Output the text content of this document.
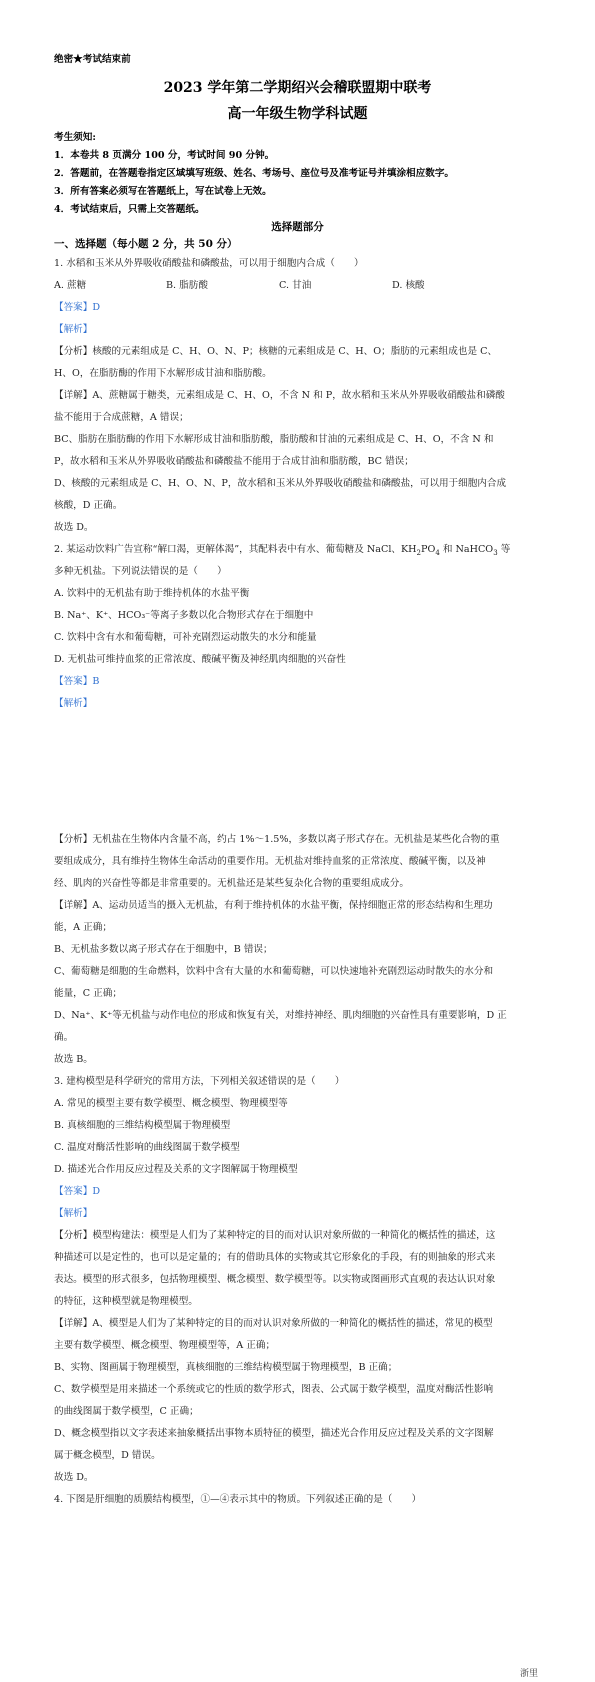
绝密★考试结束前
2023 学年第二学期绍兴会稽联盟期中联考
高一年级生物学科试题
考生须知:
1．本卷共 8 页满分 100 分，考试时间 90 分钟。
2．答题前，在答题卷指定区域填写班级、姓名、考场号、座位号及准考证号并填涂相应数字。
3．所有答案必须写在答题纸上，写在试卷上无效。
4．考试结束后，只需上交答题纸。
选择题部分
一、选择题（每小题 2 分，共 50 分）
1. 水稻和玉米从外界吸收硝酸盐和磷酸盐，可以用于细胞内合成（　　）
A. 蔗糖	B. 脂肪酸	C. 甘油	D. 核酸
【答案】D
【解析】
【分析】核酸的元素组成是 C、H、O、N、P；核糖的元素组成是 C、H、O；脂肪的元素组成也是 C、
H、O，在脂肪酶的作用下水解形成甘油和脂肪酸。
【详解】A、蔗糖属于糖类，元素组成是 C、H、O，不含 N 和 P，故水稻和玉米从外界吸收硝酸盐和磷酸
盐不能用于合成蔗糖，A 错误；
BC、脂肪在脂肪酶的作用下水解形成甘油和脂肪酸，脂肪酸和甘油的元素组成是 C、H、O，不含 N 和
P，故水稻和玉米从外界吸收硝酸盐和磷酸盐不能用于合成甘油和脂肪酸，BC 错误；
D、核酸的元素组成是 C、H、O、N、P，故水稻和玉米从外界吸收硝酸盐和磷酸盐，可以用于细胞内合成
核酸，D 正确。
故选 D。
2. 某运动饮料广告宣称“解口渴，更解体渴”，其配料表中有水、葡萄糖及 NaCl、$KH_2PO_4$ 和 NaHCO$_3$ 等
多种无机盐。下列说法错误的是（　　）
A. 饮料中的无机盐有助于维持机体的水盐平衡
B. Na⁺、K⁺、HCO₃⁻等离子多数以化合物形式存在于细胞中
C. 饮料中含有水和葡萄糖，可补充剧烈运动散失的水分和能量
D. 无机盐可维持血浆的正常浓度、酸碱平衡及神经肌肉细胞的兴奋性
【答案】B
【解析】
【分析】无机盐在生物体内含量不高，约占 1%～1.5%，多数以离子形式存在。无机盐是某些化合物的重
要组成成分，具有维持生物体生命活动的重要作用。无机盐对维持血浆的正常浓度、酸碱平衡，以及神
经、肌肉的兴奋性等都是非常重要的。无机盐还是某些复杂化合物的重要组成成分。
【详解】A、运动员适当的摄入无机盐，有利于维持机体的水盐平衡，保持细胞正常的形态结构和生理功
能，A 正确；
B、无机盐多数以离子形式存在于细胞中，B 错误；
C、葡萄糖是细胞的生命燃料，饮料中含有大量的水和葡萄糖，可以快速地补充剧烈运动时散失的水分和
能量，C 正确；
D、Na⁺、K⁺等无机盐与动作电位的形成和恢复有关，对维持神经、肌肉细胞的兴奋性具有重要影响，D 正
确。
故选 B。
3. 建构模型是科学研究的常用方法，下列相关叙述错误的是（　　）
A. 常见的模型主要有数学模型、概念模型、物理模型等
B. 真核细胞的三维结构模型属于物理模型
C. 温度对酶活性影响的曲线图属于数学模型
D. 描述光合作用反应过程及关系的文字图解属于物理模型
【答案】D
【解析】
【分析】模型构建法：模型是人们为了某种特定的目的而对认识对象所做的一种简化的概括性的描述，这
种描述可以是定性的，也可以是定量的；有的借助具体的实物或其它形象化的手段，有的则抽象的形式来
表达。模型的形式很多，包括物理模型、概念模型、数学模型等。以实物或图画形式直观的表达认识对象
的特征，这种模型就是物理模型。
【详解】A、模型是人们为了某种特定的目的而对认识对象所做的一种简化的概括性的描述，常见的模型
主要有数学模型、概念模型、物理模型等，A 正确；
B、实物、图画属于物理模型，真核细胞的三维结构模型属于物理模型，B 正确；
C、数学模型是用来描述一个系统或它的性质的数学形式，图表、公式属于数学模型，温度对酶活性影响
的曲线图属于数学模型，C 正确；
D、概念模型指以文字表述来抽象概括出事物本质特征的模型，描述光合作用反应过程及关系的文字图解
属于概念模型，D 错误。
故选 D。
4. 下图是肝细胞的质膜结构模型，①—④表示其中的物质。下列叙述正确的是（　　）
浙里
